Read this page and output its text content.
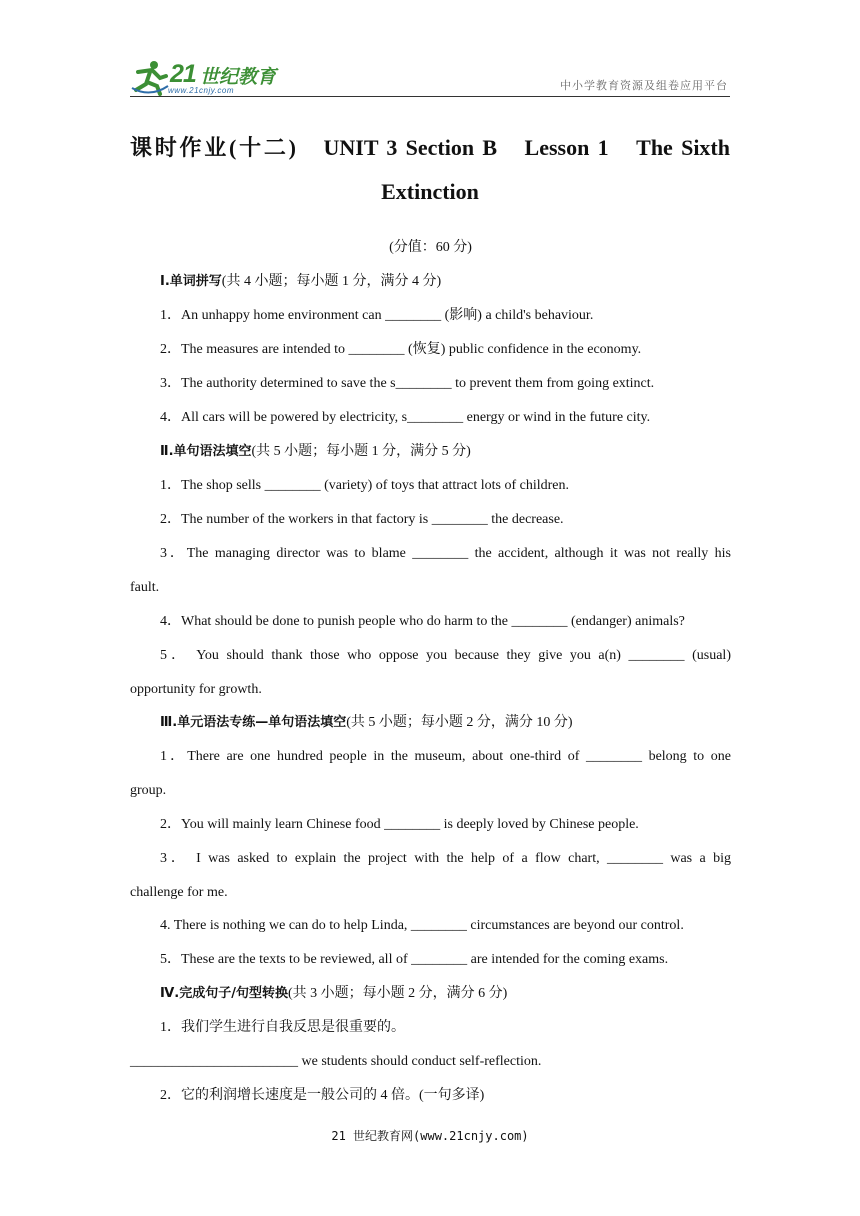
21 世纪教育
www.21cnjy.com	中小学教育资源及组卷应用平台
课时作业(十二)　UNIT 3 Section B　Lesson 1　The Sixth
Extinction
(分值：60 分)
Ⅰ.单词拼写(共 4 小题；每小题 1 分，满分 4 分)
1．An unhappy home environment can ________ (影响) a child's behaviour.
2．The measures are intended to ________ (恢复) public confidence in the economy.
3．The authority determined to save the s________ to prevent them from going extinct.
4．All cars will be powered by electricity, s________ energy or wind in the future city.
Ⅱ.单句语法填空(共 5 小题；每小题 1 分，满分 5 分)
1．The shop sells ________ (variety) of toys that attract lots of children.
2．The number of the workers in that factory is ________ the decrease.
3．The managing director was to blame ________ the accident, although it was not really his
fault.
4．What should be done to punish people who do harm to the ________ (endanger) animals?
5． You should thank those who oppose you because they give you a(n) ________ (usual)
opportunity for growth.
Ⅲ.单元语法专练—单句语法填空(共 5 小题；每小题 2 分，满分 10 分)
1．There are one hundred people in the museum, about one-third of ________ belong to one
group.
2．You will mainly learn Chinese food ________ is deeply loved by Chinese people.
3． I was asked to explain the project with the help of a flow chart, ________ was a big
challenge for me.
4. There is nothing we can do to help Linda, ________ circumstances are beyond our control.
5．These are the texts to be reviewed, all of ________ are intended for the coming exams.
Ⅳ.完成句子/句型转换(共 3 小题；每小题 2 分，满分 6 分)
1．我们学生进行自我反思是很重要的。
________________________ we students should conduct self-reflection.
2．它的利润增长速度是一般公司的 4 倍。(一句多译)
21 世纪教育网(www.21cnjy.com)
